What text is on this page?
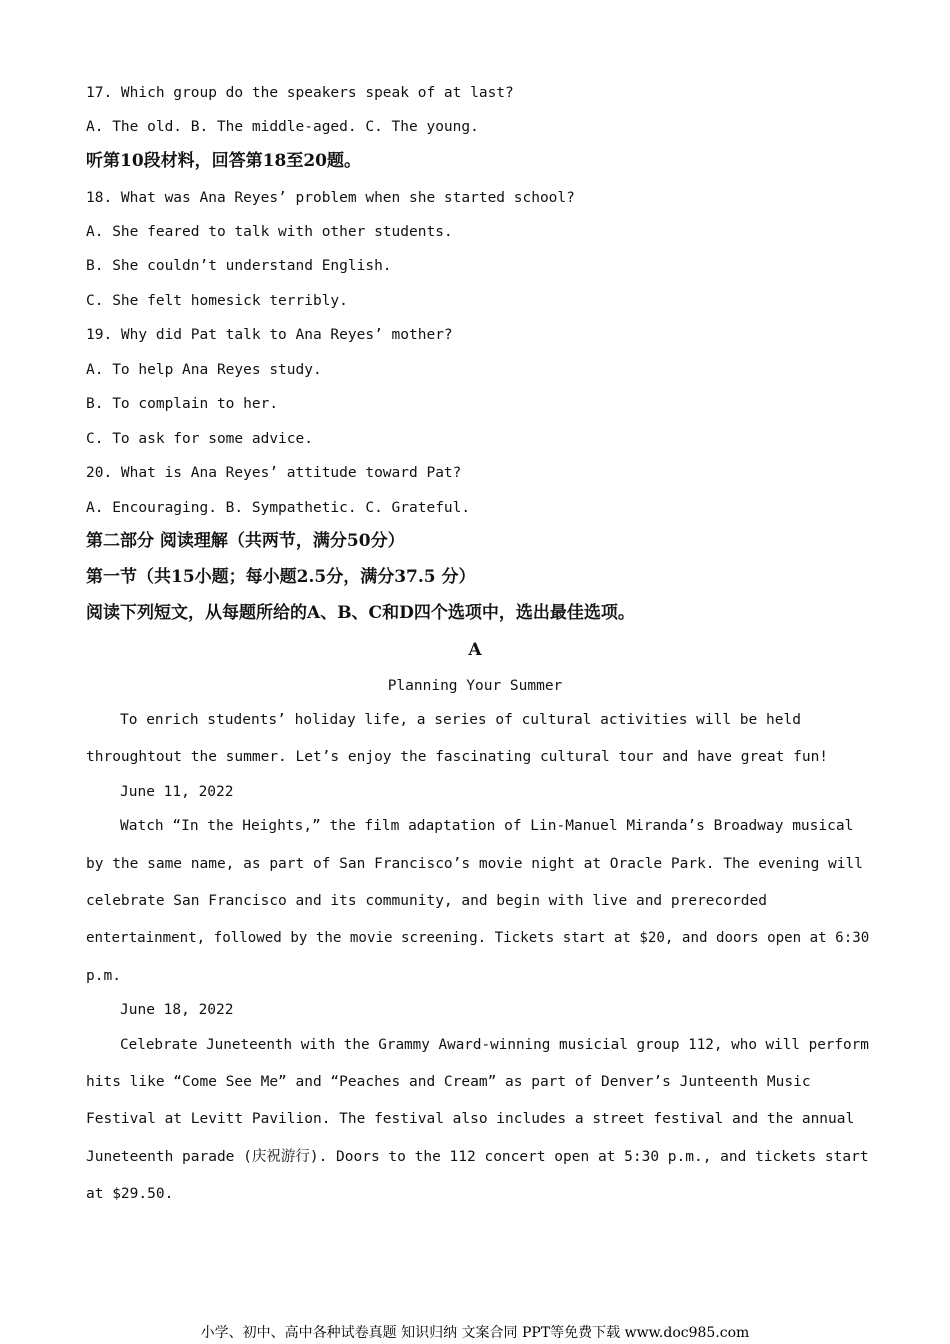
17. Which group do the speakers speak of at last?
A. The old. B. The middle-aged. C. The young.
听第10段材料，回答第18至20题。
18. What was Ana Reyes’ problem when she started school?
A. She feared to talk with other students.
B. She couldn’t understand English.
C. She felt homesick terribly.
19. Why did Pat talk to Ana Reyes’ mother?
A. To help Ana Reyes study.
B. To complain to her.
C. To ask for some advice.
20. What is Ana Reyes’ attitude toward Pat?
A. Encouraging. B. Sympathetic. C. Grateful.
第二部分 阅读理解（共两节，满分50分）
第一节（共15小题；每小题2.5分，满分37.5 分）
阅读下列短文，从每题所给的A、B、C和D四个选项中，选出最佳选项。
A
Planning Your Summer
To enrich students’ holiday life, a series of cultural activities will be held
throughtout the summer. Let’s enjoy the fascinating cultural tour and have great fun!
June 11, 2022
Watch “In the Heights,” the film adaptation of Lin-Manuel Miranda’s Broadway musical
by the same name, as part of San Francisco’s movie night at Oracle Park. The evening will
celebrate San Francisco and its community, and begin with live and prerecorded
entertainment, followed by the movie screening. Tickets start at $20, and doors open at 6:30
p.m.
June 18, 2022
Celebrate Juneteenth with the Grammy Award-winning musicial group 112, who will perform
hits like “Come See Me” and “Peaches and Cream” as part of Denver’s Junteenth Music
Festival at Levitt Pavilion. The festival also includes a street festival and the annual
Juneteenth parade (庆祝游行). Doors to the 112 concert open at 5:30 p.m., and tickets start
at $29.50.
小学、初中、高中各种试卷真题 知识归纳 文案合同 PPT等免费下载 www.doc985.com
